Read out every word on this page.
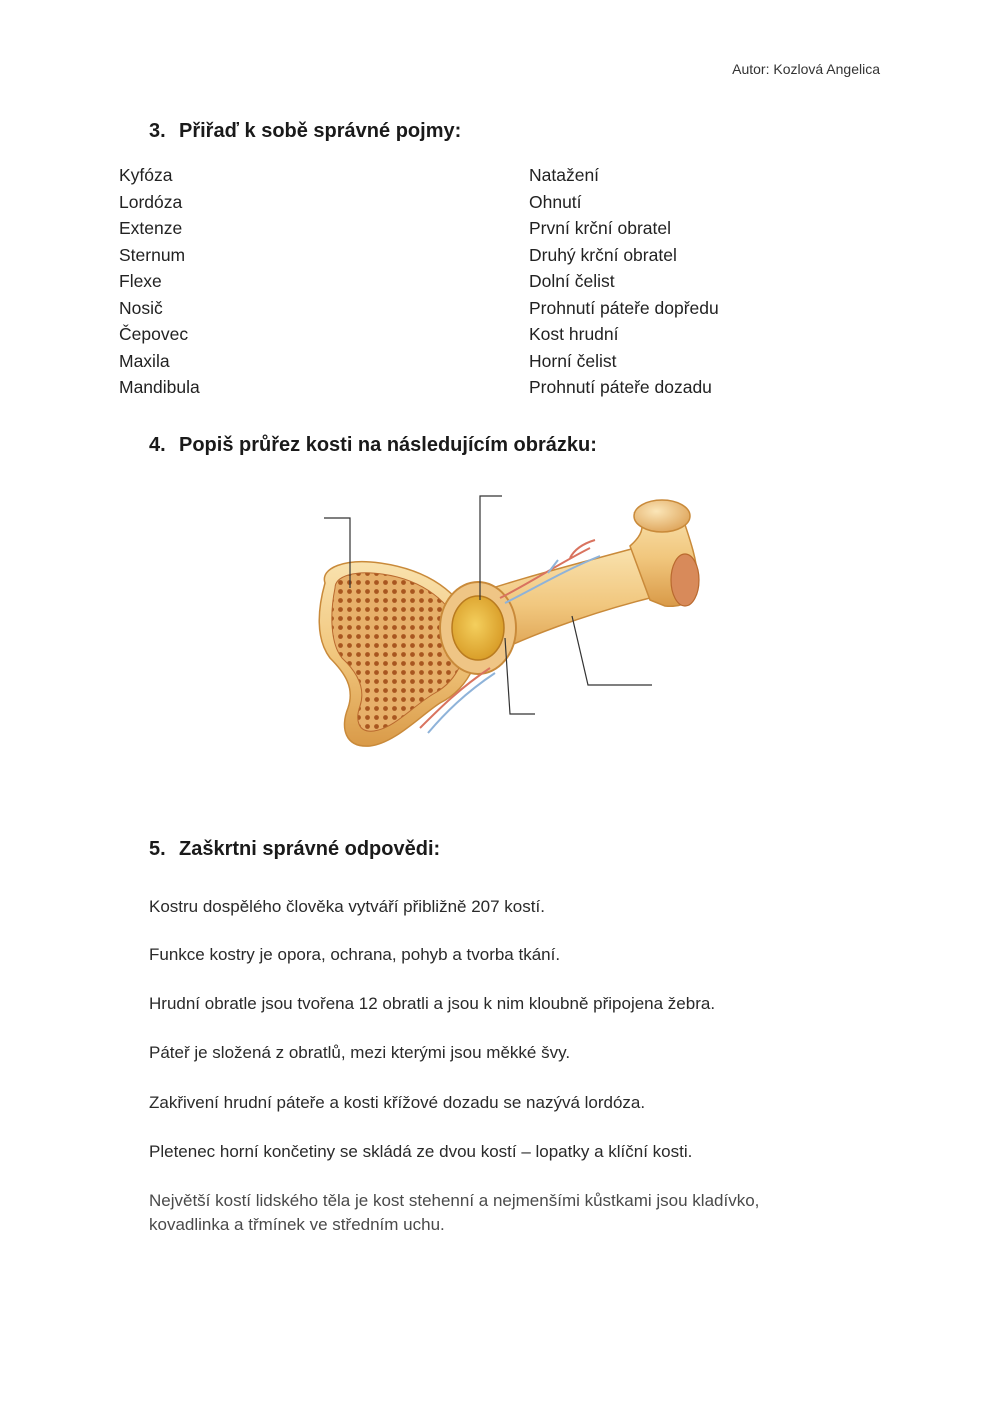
Autor: Kozlová Angelica
3. Přiřaď k sobě správné pojmy:
Kyfóza
Lordóza
Extenze
Sternum
Flexe
Nosič
Čepovec
Maxila
Mandibula
Natažení
Ohnutí
První krční obratel
Druhý krční obratel
Dolní čelist
Prohnutí páteře dopředu
Kost hrudní
Horní čelist
Prohnutí páteře dozadu
4. Popiš průřez kosti na následujícím obrázku:
5. Zaškrtni správné odpovědi:
Kostru dospělého člověka vytváří přibližně 207 kostí.
Funkce kostry je opora, ochrana, pohyb a tvorba tkání.
Hrudní obratle jsou tvořena 12 obratli a jsou k nim kloubně připojena žebra.
Páteř je složená z obratlů, mezi kterými jsou měkké švy.
Zakřivení hrudní páteře a kosti křížové dozadu se nazývá lordóza.
Pletenec horní končetiny se skládá ze dvou kostí – lopatky a klíční kosti.
Největší kostí lidského těla je kost stehenní a nejmenšími kůstkami jsou kladívko, kovadlinka a třmínek ve středním uchu.
